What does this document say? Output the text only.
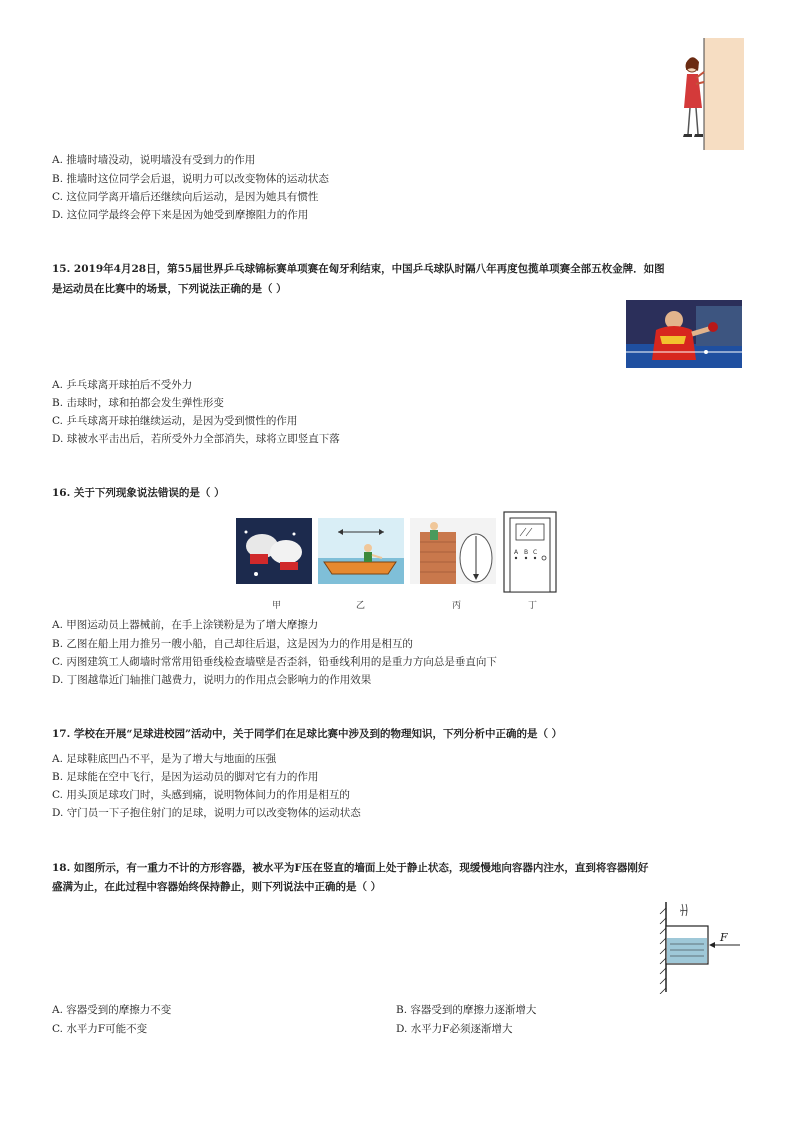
A. 推墙时墙没动，说明墙没有受到力的作用
B. 推墙时这位同学会后退，说明力可以改变物体的运动状态
C. 这位同学离开墙后还继续向后运动，是因为她具有惯性
D. 这位同学最终会停下来是因为她受到摩擦阻力的作用
15. 2019年4月28日，第55届世界乒乓球锦标赛单项赛在匈牙利结束，中国乒乓球队时隔八年再度包揽单项赛全部五枚金牌．如图
是运动员在比赛中的场景，下列说法正确的是（ ）
A. 乒乓球离开球拍后不受外力
B. 击球时，球和拍都会发生弹性形变
C. 乒乓球离开球拍继续运动，是因为受到惯性的作用
D. 球被水平击出后，若所受外力全部消失，球将立即竖直下落
16. 关于下列现象说法错误的是（ ）
A B C
甲	乙	丙	丁
A. 甲图运动员上器械前，在手上涂镁粉是为了增大摩擦力
B. 乙图在船上用力推另一艘小船，自己却往后退，这是因为力的作用是相互的
C. 丙图建筑工人砌墙时常常用铅垂线检查墙壁是否歪斜，铅垂线利用的是重力方向总是垂直向下
D. 丁图越靠近门轴推门越费力，说明力的作用点会影响力的作用效果
17. 学校在开展“足球进校园”活动中，关于同学们在足球比赛中涉及到的物理知识，下列分析中正确的是（ ）
A. 足球鞋底凹凸不平，是为了增大与地面的压强
B. 足球能在空中飞行，是因为运动员的脚对它有力的作用
C. 用头顶足球攻门时，头感到痛，说明物体间力的作用是相互的
D. 守门员一下子抱住射门的足球，说明力可以改变物体的运动状态
18. 如图所示，有一重力不计的方形容器，被水平为F压在竖直的墙面上处于静止状态，现缓慢地向容器内注水，直到将容器刚好
盛满为止，在此过程中容器始终保持静止，则下列说法中正确的是（ ）
ꟷ
F
A. 容器受到的摩擦力不变	B. 容器受到的摩擦力逐渐增大
C. 水平力F可能不变	D. 水平力F必须逐渐增大
